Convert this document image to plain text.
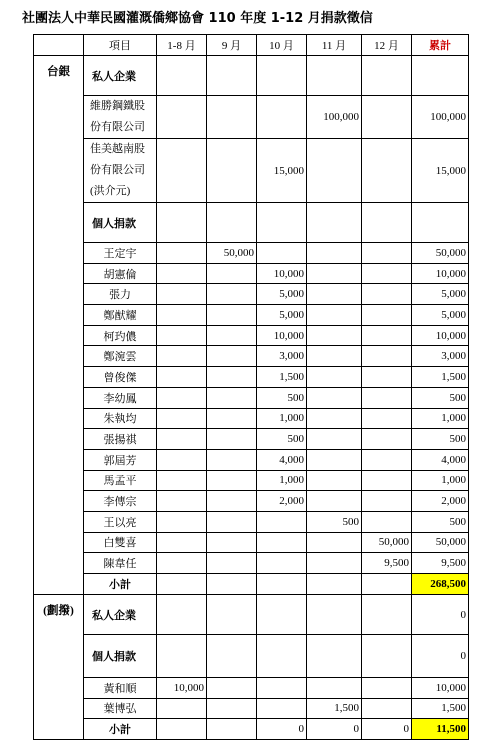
社團法人中華民國灌溉僑鄉協會 110 年度 1-12 月捐款徵信
	項目	1-8 月	9 月	10 月	11 月	12 月	累計
台銀	私人企業						
	維勝鋼鐵股份有限公司				100,000		100,000
	佳美越南股份有限公司 (洪介元)			15,000			15,000
	個人捐款						
	王定宇		50,000				50,000
	胡憲倫			10,000			10,000
	張力			5,000			5,000
	鄭猷耀			5,000			5,000
	柯玓儂			10,000			10,000
	鄭涴雲			3,000			3,000
	曾俊傑			1,500			1,500
	李幼鳳			500			500
	朱執均			1,000			1,000
	張揚祺			500			500
	郭屆芳			4,000			4,000
	馬孟平			1,000			1,000
	李傳宗			2,000			2,000
	王以亮				500		500
	白雙喜					50,000	50,000
	陳韋任					9,500	9,500
	小計						268,500
(劃撥)	私人企業						0
	個人捐款						0
	黃和順	10,000					10,000
	葉博弘				1,500		1,500
	小計			0	0	0	11,500
